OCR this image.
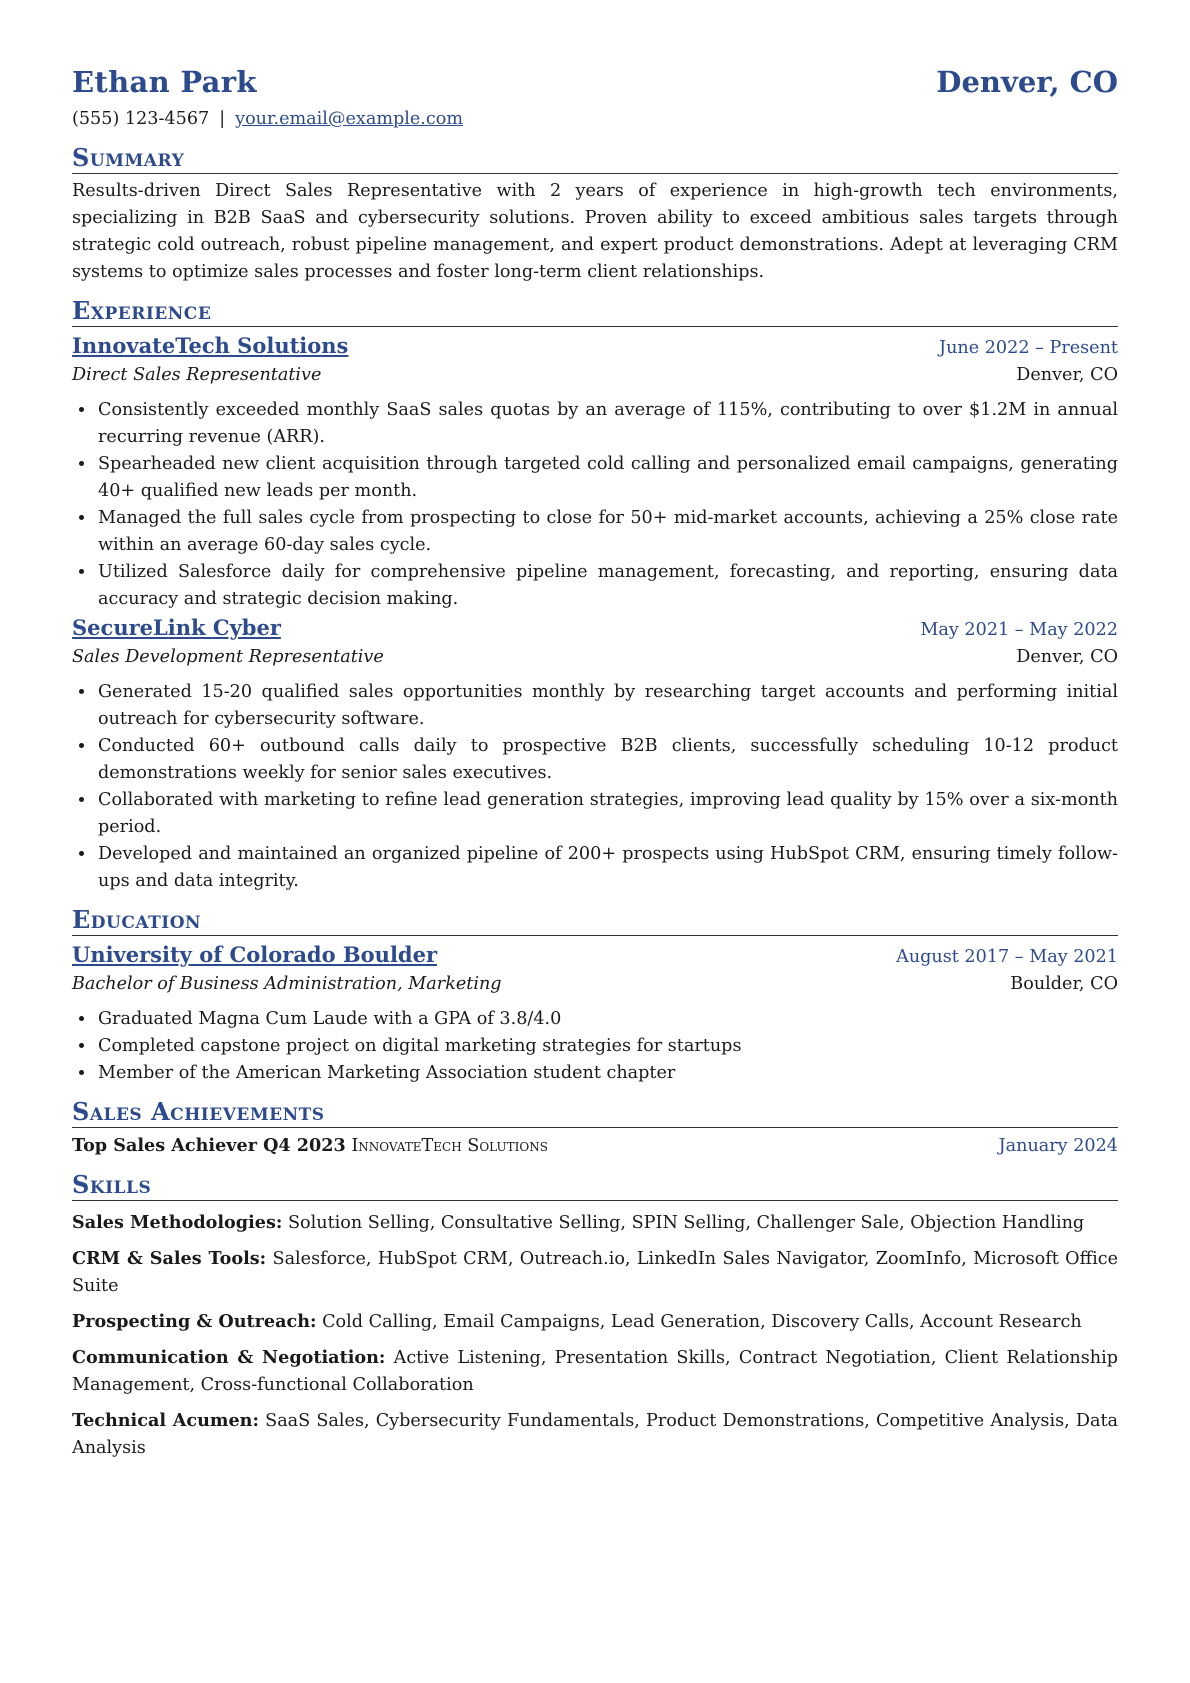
Ethan Park	Denver, CO
(555) 123-4567 | your.email@example.com
Summary
Results-driven Direct Sales Representative with 2 years of experience in high-growth tech environments, specializing in B2B SaaS and cybersecurity solutions. Proven ability to exceed ambitious sales targets through strategic cold outreach, robust pipeline management, and expert product demonstrations. Adept at leveraging CRM systems to optimize sales processes and foster long-term client relationships.
Experience
InnovateTech Solutions	June 2022 – Present
Direct Sales Representative	Denver, CO
• Consistently exceeded monthly SaaS sales quotas by an average of 115%, contributing to over $1.2M in annual recurring revenue (ARR).
• Spearheaded new client acquisition through targeted cold calling and personalized email campaigns, generating 40+ qualified new leads per month.
• Managed the full sales cycle from prospecting to close for 50+ mid-market accounts, achieving a 25% close rate within an average 60-day sales cycle.
• Utilized Salesforce daily for comprehensive pipeline management, forecasting, and reporting, ensuring data accuracy and strategic decision making.
SecureLink Cyber	May 2021 – May 2022
Sales Development Representative	Denver, CO
• Generated 15-20 qualified sales opportunities monthly by researching target accounts and performing initial outreach for cybersecurity software.
• Conducted 60+ outbound calls daily to prospective B2B clients, successfully scheduling 10-12 product demonstrations weekly for senior sales executives.
• Collaborated with marketing to refine lead generation strategies, improving lead quality by 15% over a six-month period.
• Developed and maintained an organized pipeline of 200+ prospects using HubSpot CRM, ensuring timely follow-ups and data integrity.
Education
University of Colorado Boulder	August 2017 – May 2021
Bachelor of Business Administration, Marketing	Boulder, CO
• Graduated Magna Cum Laude with a GPA of 3.8/4.0
• Completed capstone project on digital marketing strategies for startups
• Member of the American Marketing Association student chapter
Sales Achievements
Top Sales Achiever Q4 2023 InnovateTech Solutions	January 2024
Skills
Sales Methodologies: Solution Selling, Consultative Selling, SPIN Selling, Challenger Sale, Objection Handling
CRM & Sales Tools: Salesforce, HubSpot CRM, Outreach.io, LinkedIn Sales Navigator, ZoomInfo, Microsoft Office Suite
Prospecting & Outreach: Cold Calling, Email Campaigns, Lead Generation, Discovery Calls, Account Research
Communication & Negotiation: Active Listening, Presentation Skills, Contract Negotiation, Client Relationship Management, Cross-functional Collaboration
Technical Acumen: SaaS Sales, Cybersecurity Fundamentals, Product Demonstrations, Competitive Analysis, Data Analysis
